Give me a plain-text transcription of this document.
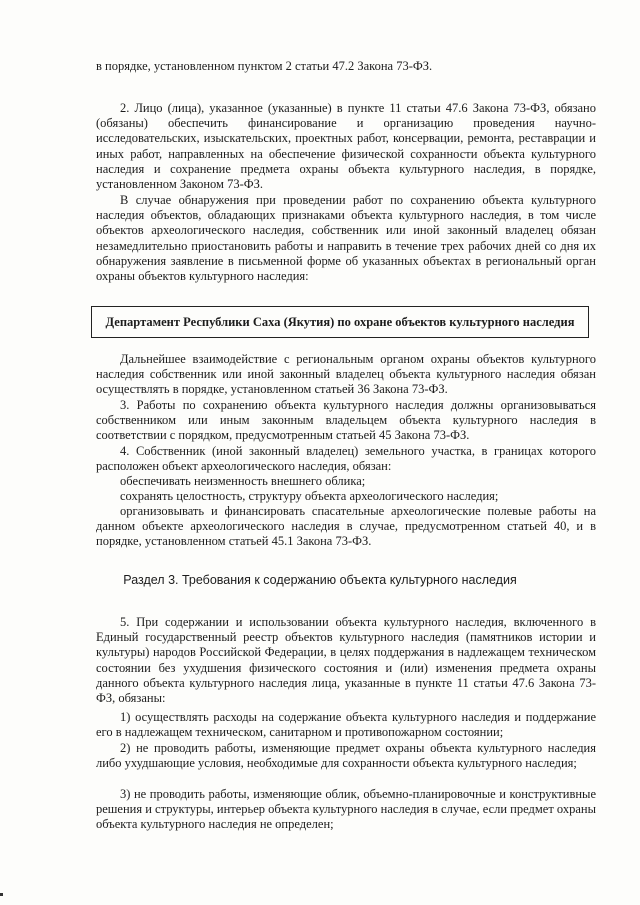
в порядке, установленном пунктом 2 статьи 47.2 Закона 73-ФЗ.
2. Лицо (лица), указанное (указанные) в пункте 11 статьи 47.6 Закона 73-ФЗ, обязано (обязаны) обеспечить финансирование и организацию проведения научно-исследовательских, изыскательских, проектных работ, консервации, ремонта, реставрации и иных работ, направленных на обеспечение физической сохранности объекта культурного наследия и сохранение предмета охраны объекта культурного наследия, в порядке, установленном Законом 73-ФЗ.
В случае обнаружения при проведении работ по сохранению объекта культурного наследия объектов, обладающих признаками объекта культурного наследия, в том числе объектов археологического наследия, собственник или иной законный владелец обязан незамедлительно приостановить работы и направить в течение трех рабочих дней со дня их обнаружения заявление в письменной форме об указанных объектах в региональный орган охраны объектов культурного наследия:
Департамент Республики Саха (Якутия) по охране объектов культурного наследия
Дальнейшее взаимодействие с региональным органом охраны объектов культурного наследия собственник или иной законный владелец объекта культурного наследия обязан осуществлять в порядке, установленном статьей 36 Закона 73-ФЗ.
3. Работы по сохранению объекта культурного наследия должны организовываться собственником или иным законным владельцем объекта культурного наследия в соответствии с порядком, предусмотренным статьей 45 Закона 73-ФЗ.
4. Собственник (иной законный владелец) земельного участка, в границах которого расположен объект археологического наследия, обязан:
обеспечивать неизменность внешнего облика;
сохранять целостность, структуру объекта археологического наследия;
организовывать и финансировать спасательные археологические полевые работы на данном объекте археологического наследия в случае, предусмотренном статьей 40, и в порядке, установленном статьей 45.1 Закона 73-ФЗ.
Раздел 3. Требования к содержанию объекта культурного наследия
5. При содержании и использовании объекта культурного наследия, включенного в Единый государственный реестр объектов культурного наследия (памятников истории и культуры) народов Российской Федерации, в целях поддержания в надлежащем техническом состоянии без ухудшения физического состояния и (или) изменения предмета охраны данного объекта культурного наследия лица, указанные в пункте 11 статьи 47.6 Закона 73-ФЗ, обязаны:
1) осуществлять расходы на содержание объекта культурного наследия и поддержание его в надлежащем техническом, санитарном и противопожарном состоянии;
2) не проводить работы, изменяющие предмет охраны объекта культурного наследия либо ухудшающие условия, необходимые для сохранности объекта культурного наследия;
3) не проводить работы, изменяющие облик, объемно-планировочные и конструктивные решения и структуры, интерьер объекта культурного наследия в случае, если предмет охраны объекта культурного наследия не определен;
